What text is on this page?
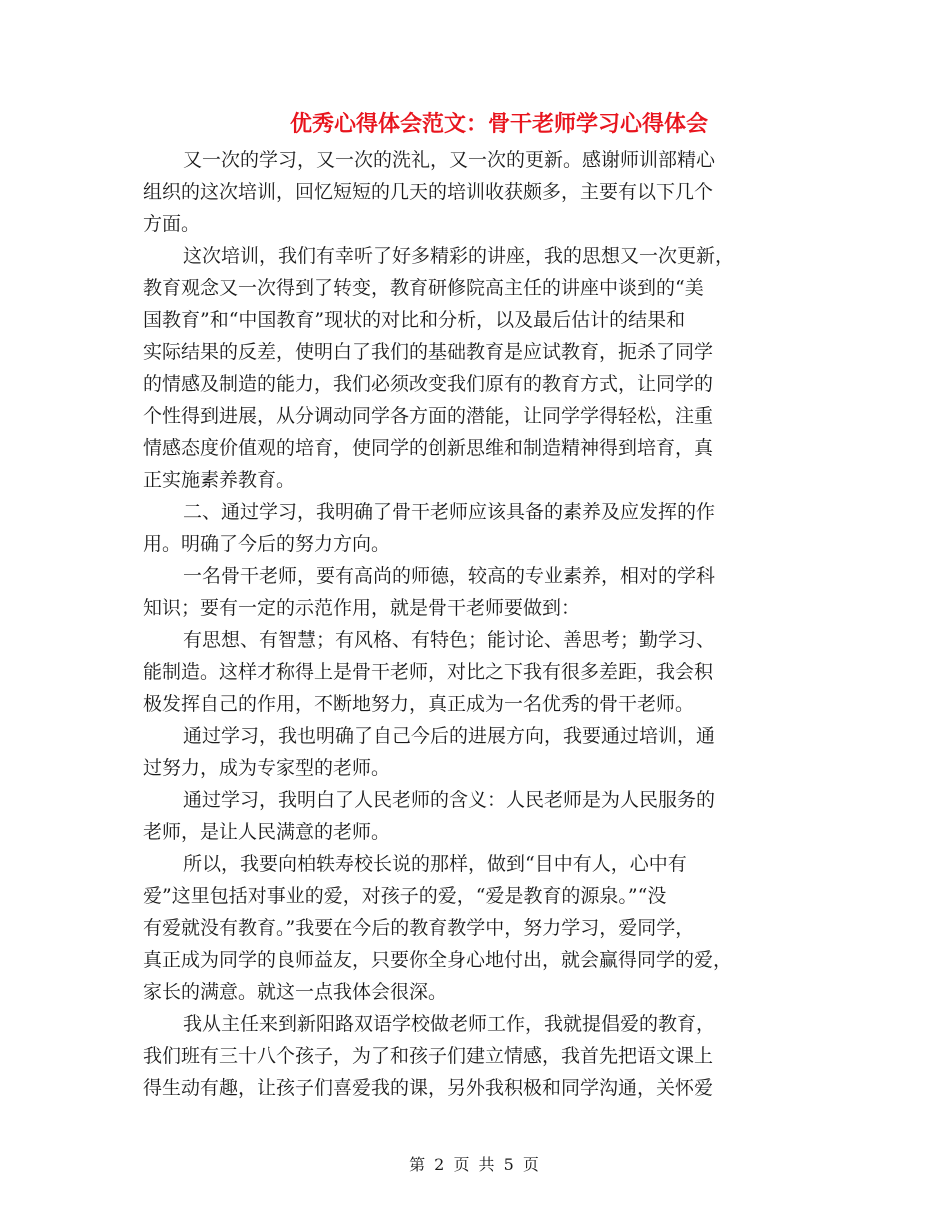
优秀心得体会范文：骨干老师学习心得体会

又一次的学习，又一次的洗礼，又一次的更新。感谢师训部精心
组织的这次培训，回忆短短的几天的培训收获颇多，主要有以下几个
方面。

这次培训，我们有幸听了好多精彩的讲座，我的思想又一次更新，
教育观念又一次得到了转变，教育研修院高主任的讲座中谈到的“美
国教育”和“中国教育”现状的对比和分析，以及最后估计的结果和
实际结果的反差，使明白了我们的基础教育是应试教育，扼杀了同学
的情感及制造的能力，我们必须改变我们原有的教育方式，让同学的
个性得到进展，从分调动同学各方面的潜能，让同学学得轻松，注重
情感态度价值观的培育，使同学的创新思维和制造精神得到培育，真
正实施素养教育。

二、通过学习，我明确了骨干老师应该具备的素养及应发挥的作
用。明确了今后的努力方向。

一名骨干老师，要有高尚的师德，较高的专业素养，相对的学科
知识；要有一定的示范作用，就是骨干老师要做到：

有思想、有智慧；有风格、有特色；能讨论、善思考；勤学习、
能制造。这样才称得上是骨干老师，对比之下我有很多差距，我会积
极发挥自己的作用，不断地努力，真正成为一名优秀的骨干老师。

通过学习，我也明确了自己今后的进展方向，我要通过培训，通
过努力，成为专家型的老师。

通过学习，我明白了人民老师的含义：人民老师是为人民服务的
老师，是让人民满意的老师。

所以，我要向柏轶寿校长说的那样，做到“目中有人，心中有
爱”这里包括对事业的爱，对孩子的爱，“爱是教育的源泉。”“没
有爱就没有教育。”我要在今后的教育教学中，努力学习，爱同学，
真正成为同学的良师益友，只要你全身心地付出，就会赢得同学的爱，
家长的满意。就这一点我体会很深。

我从主任来到新阳路双语学校做老师工作，我就提倡爱的教育，
我们班有三十八个孩子，为了和孩子们建立情感，我首先把语文课上
得生动有趣，让孩子们喜爱我的课，另外我积极和同学沟通，关怀爱

第 2 页 共 5 页
